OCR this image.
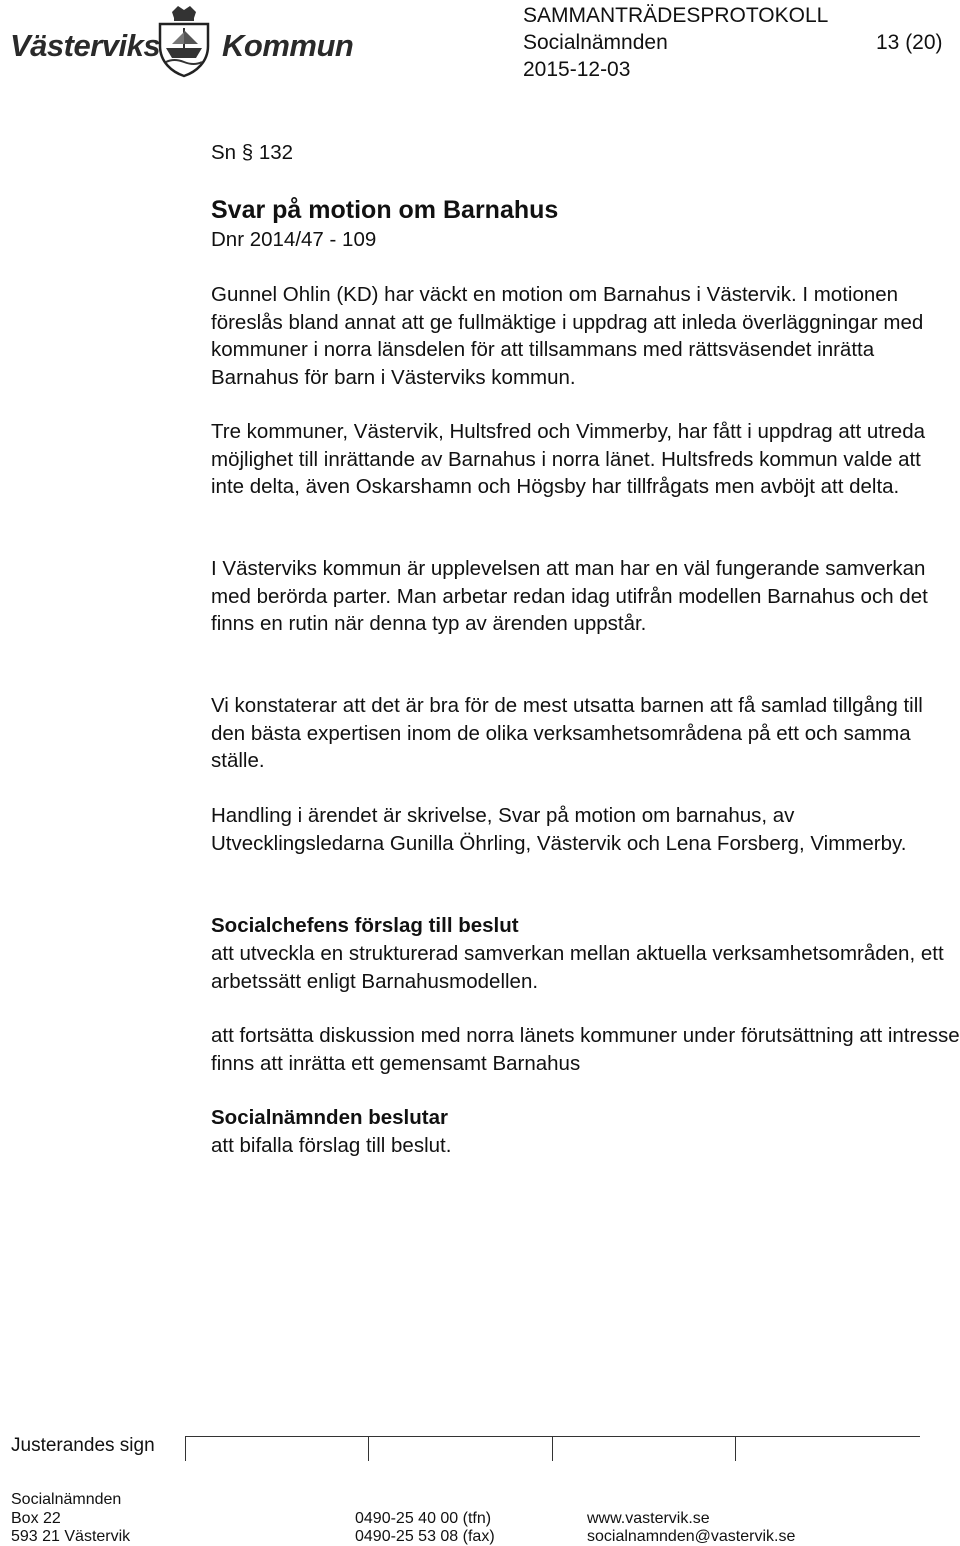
Västerviks Kommun
SAMMANTRÄDESPROTOKOLL
Socialnämnden	13 (20)
2015-12-03
Sn § 132
Svar på motion om Barnahus
Dnr 2014/47 - 109
Gunnel Ohlin (KD) har väckt en motion om Barnahus i Västervik. I motionen föreslås bland annat att ge fullmäktige i uppdrag att inleda överläggningar med kommuner i norra länsdelen för att tillsammans med rättsväsendet inrätta Barnahus för barn i Västerviks kommun.
Tre kommuner, Västervik, Hultsfred och Vimmerby, har fått i uppdrag att utreda möjlighet till inrättande av Barnahus i norra länet. Hultsfreds kommun valde att inte delta, även Oskarshamn och Högsby har tillfrågats men avböjt att delta.
I Västerviks kommun är upplevelsen att man har en väl fungerande samverkan med berörda parter. Man arbetar redan idag utifrån modellen Barnahus och det finns en rutin när denna typ av ärenden uppstår.
Vi konstaterar att det är bra för de mest utsatta barnen att få samlad tillgång till den bästa expertisen inom de olika verksamhetsområdena på ett och samma ställe.
Handling i ärendet är skrivelse, Svar på motion om barnahus, av Utvecklingsledarna Gunilla Öhrling, Västervik och Lena Forsberg, Vimmerby.
Socialchefens förslag till beslut
att utveckla en strukturerad samverkan mellan aktuella verksamhetsområden, ett arbetssätt enligt Barnahusmodellen.
att fortsätta diskussion med norra länets kommuner under förutsättning att intresse finns att inrätta ett gemensamt Barnahus
Socialnämnden beslutar
att bifalla förslag till beslut.
Justerandes sign
Socialnämnden
Box 22
593 21 Västervik
0490-25 40 00 (tfn)
0490-25 53 08 (fax)
www.vastervik.se
socialnamnden@vastervik.se
